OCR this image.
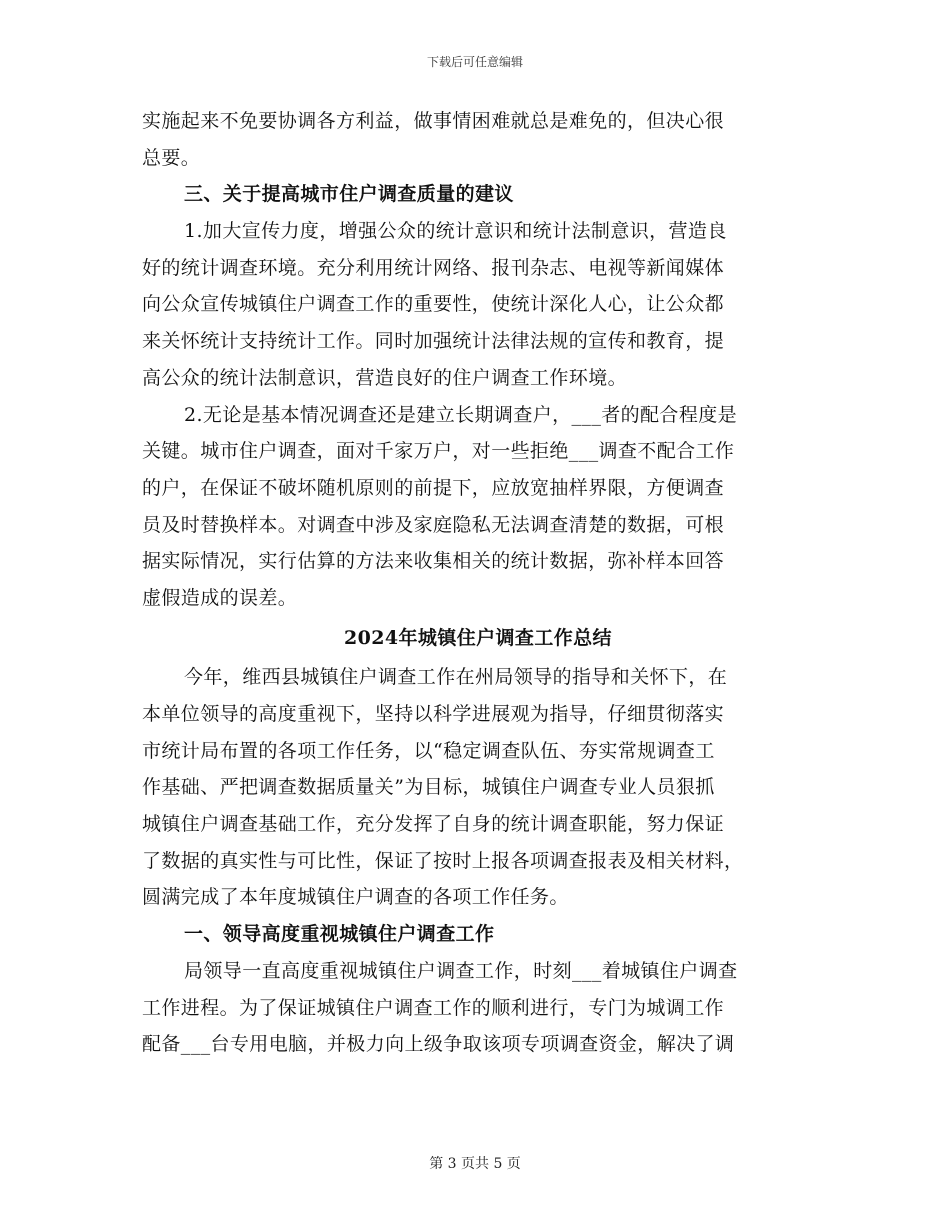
下载后可任意编辑
实施起来不免要协调各方利益，做事情困难就总是难免的，但决心很
总要。
三、关于提高城市住户调查质量的建议
1.加大宣传力度，增强公众的统计意识和统计法制意识，营造良
好的统计调查环境。充分利用统计网络、报刊杂志、电视等新闻媒体
向公众宣传城镇住户调查工作的重要性，使统计深化人心，让公众都
来关怀统计支持统计工作。同时加强统计法律法规的宣传和教育，提
高公众的统计法制意识，营造良好的住户调查工作环境。
2.无论是基本情况调查还是建立长期调查户，___者的配合程度是
关键。城市住户调查，面对千家万户，对一些拒绝___调查不配合工作
的户，在保证不破坏随机原则的前提下，应放宽抽样界限，方便调查
员及时替换样本。对调查中涉及家庭隐私无法调查清楚的数据，可根
据实际情况，实行估算的方法来收集相关的统计数据，弥补样本回答
虚假造成的误差。
2024年城镇住户调查工作总结
今年，维西县城镇住户调查工作在州局领导的指导和关怀下，在
本单位领导的高度重视下，坚持以科学进展观为指导，仔细贯彻落实
市统计局布置的各项工作任务，以“稳定调查队伍、夯实常规调查工
作基础、严把调查数据质量关”为目标，城镇住户调查专业人员狠抓
城镇住户调查基础工作，充分发挥了自身的统计调查职能，努力保证
了数据的真实性与可比性，保证了按时上报各项调查报表及相关材料，
圆满完成了本年度城镇住户调查的各项工作任务。
一、领导高度重视城镇住户调查工作
局领导一直高度重视城镇住户调查工作，时刻___着城镇住户调查
工作进程。为了保证城镇住户调查工作的顺利进行，专门为城调工作
配备___台专用电脑，并极力向上级争取该项专项调查资金，解决了调
第 3 页共 5 页
